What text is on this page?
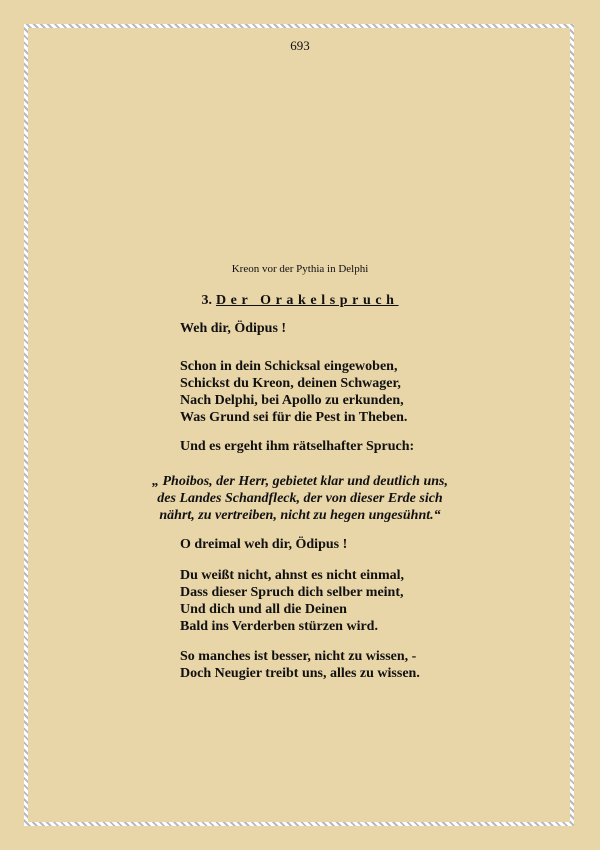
693
Kreon vor der Pythia in Delphi
3. Der Orakelspruch
Weh dir, Ödipus !
Schon in dein Schicksal eingewoben,
Schickst du Kreon, deinen Schwager,
Nach Delphi, bei Apollo zu erkunden,
Was Grund sei für die Pest in Theben.
Und es ergeht ihm rätselhafter Spruch:
„ Phoibos, der Herr, gebietet klar und deutlich uns,
des Landes Schandfleck, der von dieser Erde sich
nährt, zu vertreiben, nicht zu hegen ungesühnt.“
O dreimal weh dir, Ödipus !
Du weißt nicht, ahnst es nicht einmal,
Dass dieser Spruch dich selber meint,
Und dich und all die Deinen
Bald ins Verderben stürzen wird.
So manches ist besser, nicht zu wissen, -
Doch Neugier treibt uns, alles zu wissen.
